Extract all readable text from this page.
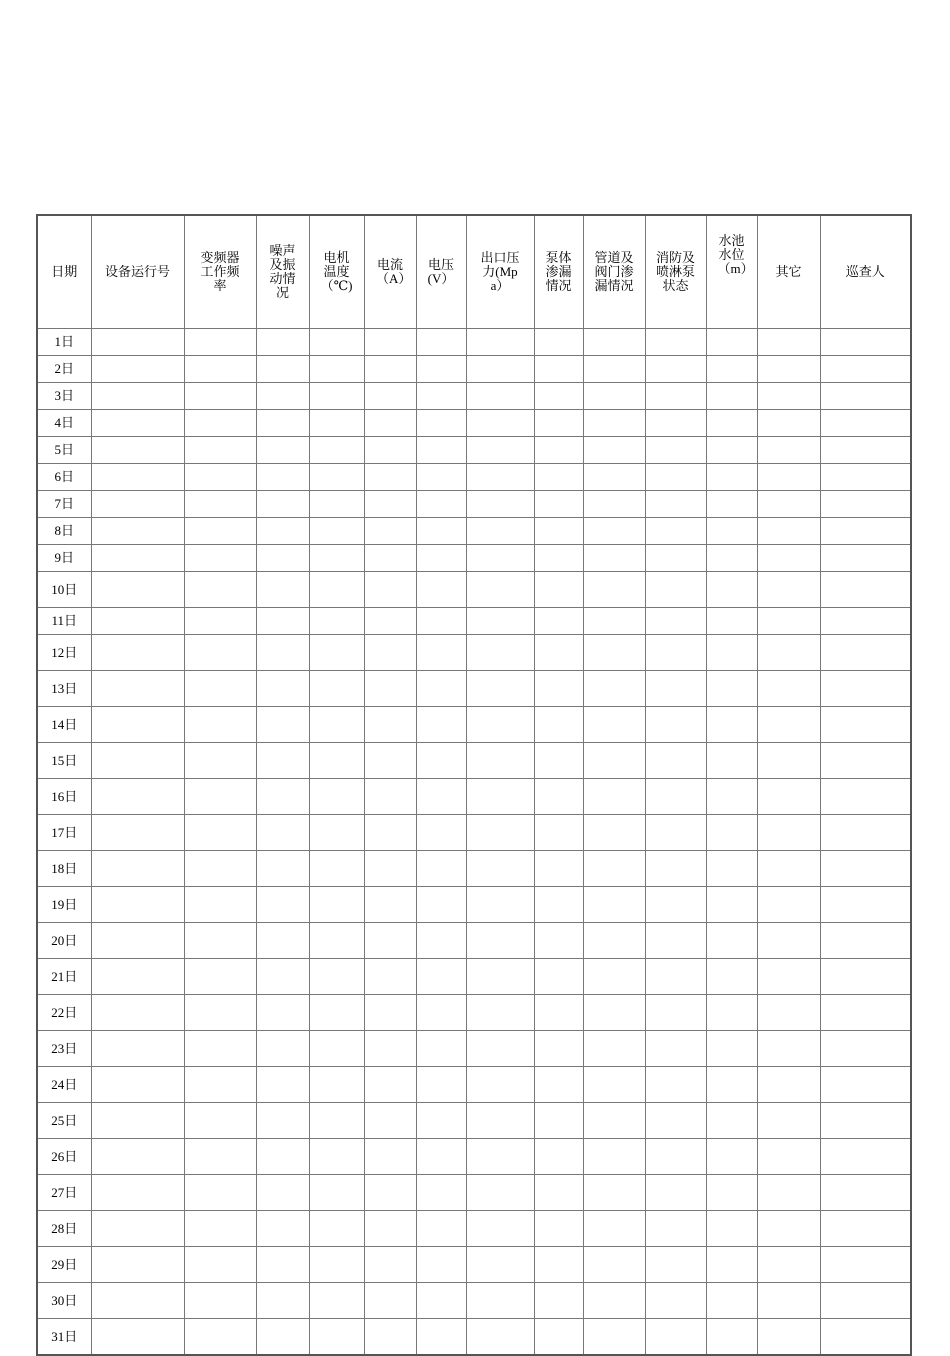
日期	设备运行号	变频器工作频率	噪声及振动情况	电机温度（℃)	电流（A）	电压(V）	出口压力(Mpa）	泵体渗漏情况	管道及阀门渗漏情况	消防及喷淋泵状态	水池水位（m）	其它	巡查人

1日													

2日													

3日													

4日													

5日													

6日													

7日													

8日													

9日													

10日													

11日													

12日													

13日													

14日													

15日													

16日													

17日													

18日													

19日													

20日													

21日													

22日													

23日													

24日													

25日													

26日													

27日													

28日													

29日													

30日													

31日													
